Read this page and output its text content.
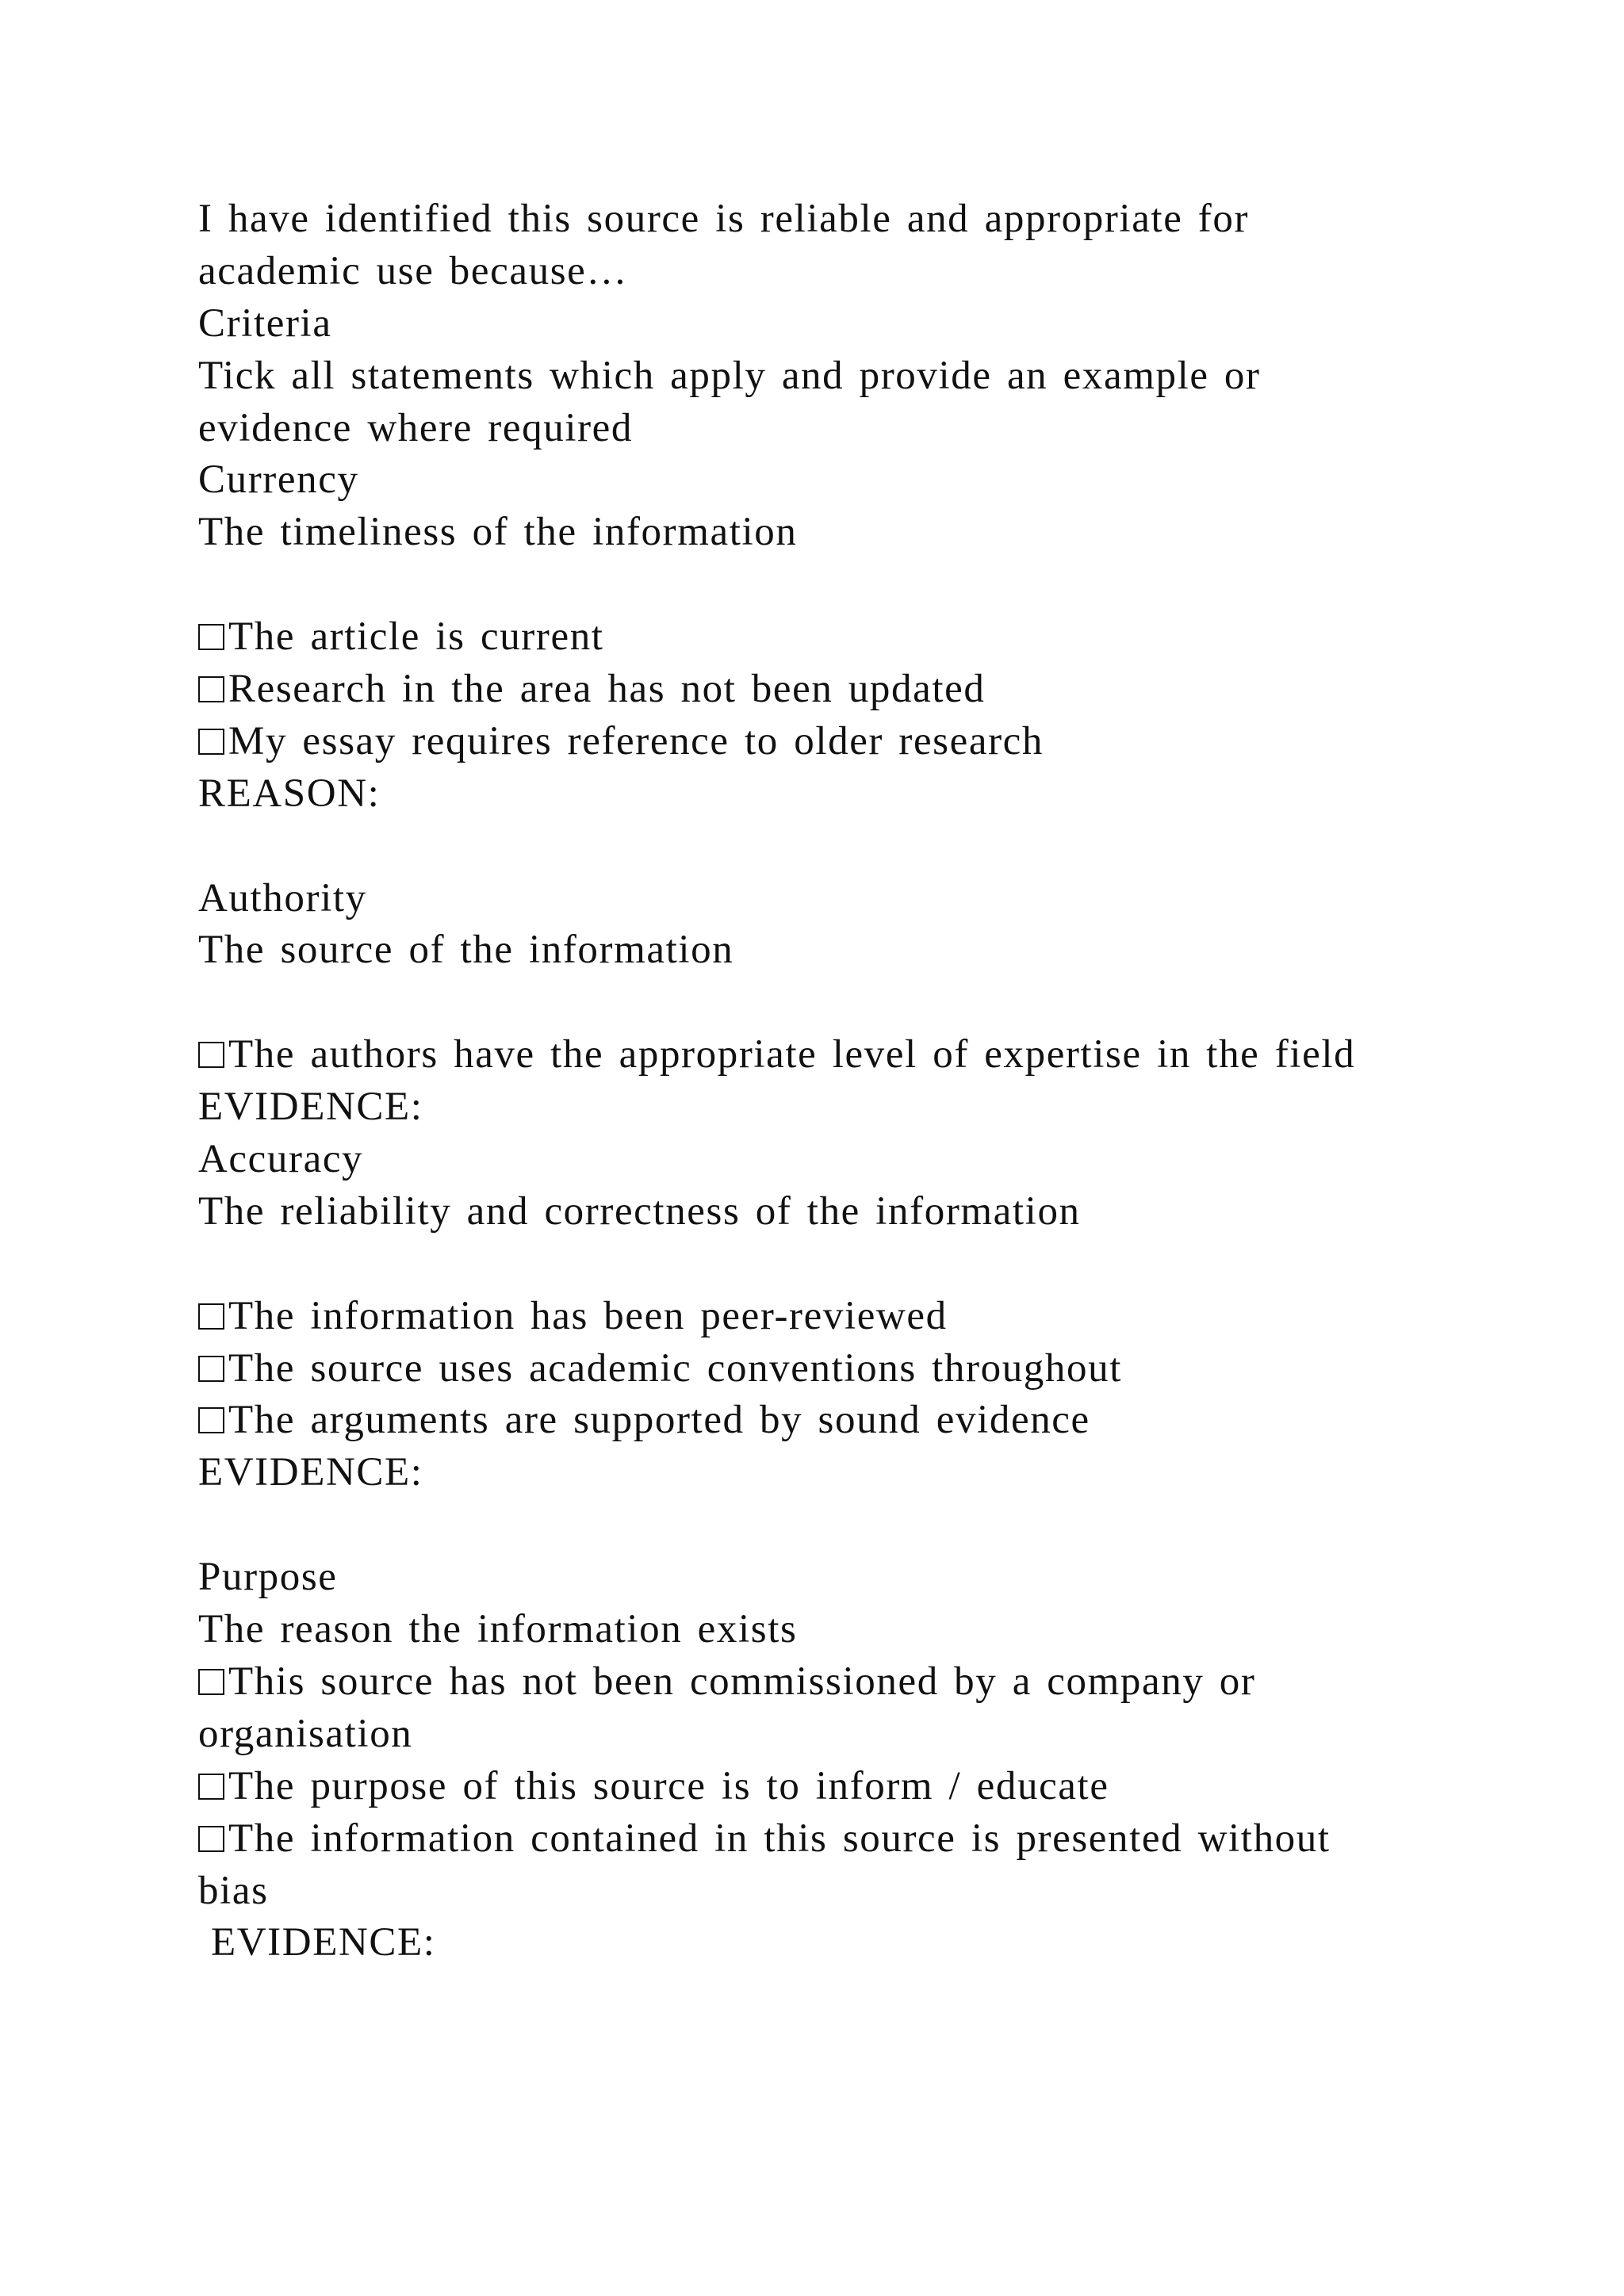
I have identified this source is reliable and appropriate for
academic use because…
Criteria
Tick all statements which apply and provide an example or
evidence where required
Currency
The timeliness of the information
The article is current
Research in the area has not been updated
My essay requires reference to older research
REASON:
Authority
The source of the information
The authors have the appropriate level of expertise in the field
EVIDENCE:
Accuracy
The reliability and correctness of the information
The information has been peer-reviewed
The source uses academic conventions throughout
The arguments are supported by sound evidence
EVIDENCE:
Purpose
The reason the information exists
This source has not been commissioned by a company or
organisation
The purpose of this source is to inform / educate
The information contained in this source is presented without
bias
EVIDENCE:
